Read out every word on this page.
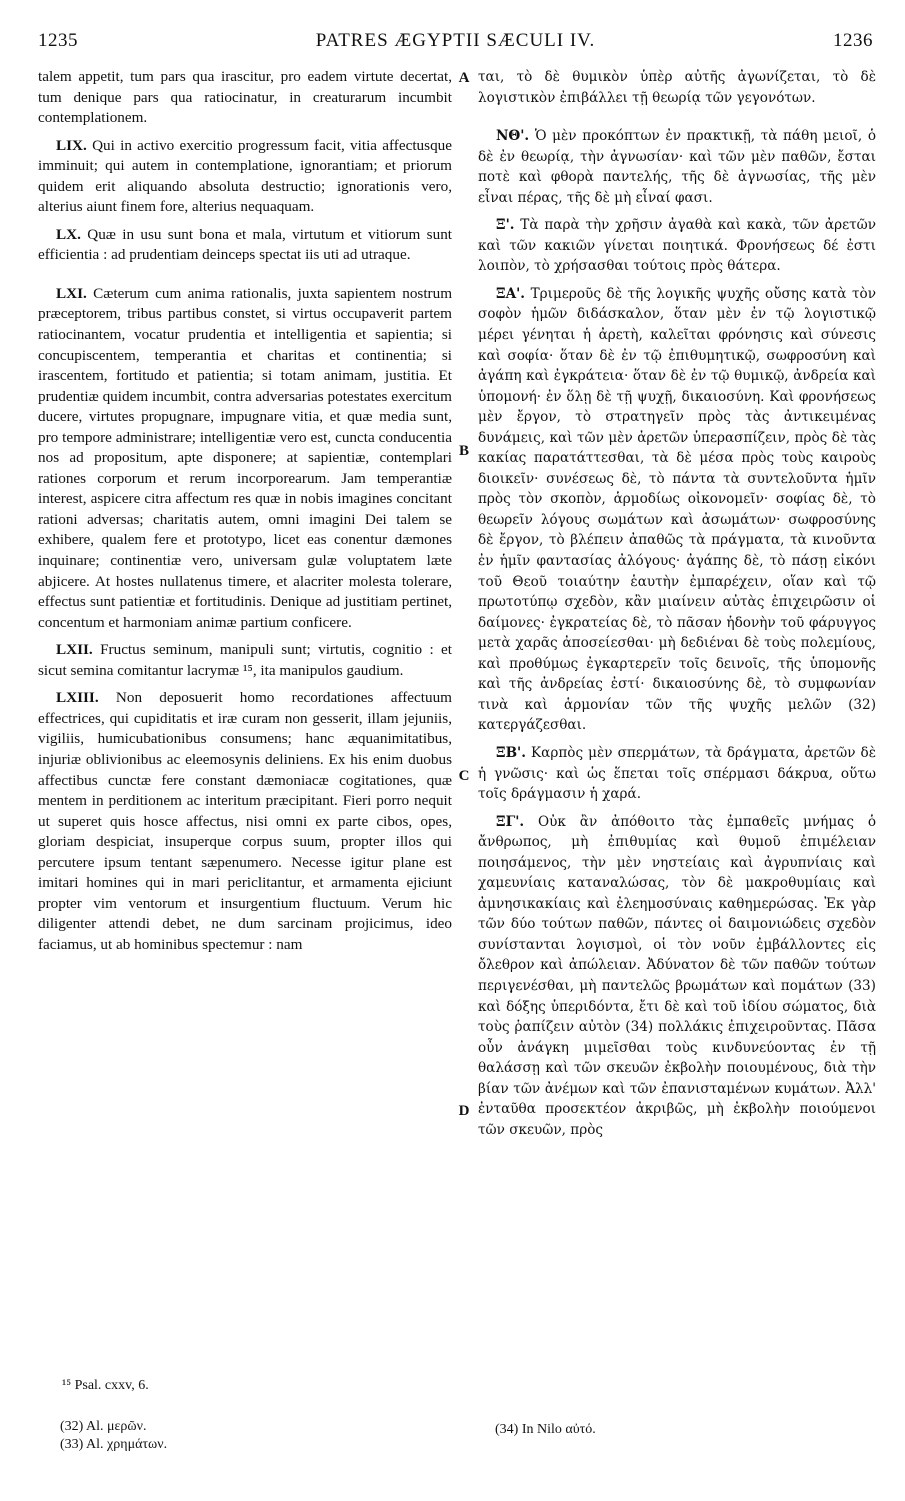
1235	PATRES ÆGYPTII SÆCULI IV.	1236

talem appetit, tum pars qua irascitur, pro eadem virtute decertat, tum denique pars qua ratiocinatur, in creaturarum incumbit contemplationem.

LIX. Qui in activo exercitio progressum facit, vitia affectusque imminuit; qui autem in contemplatione, ignorantiam; et priorum quidem erit aliquando absoluta destructio; ignorationis vero, alterius aiunt finem fore, alterius nequaquam.

LX. Quæ in usu sunt bona et mala, virtutum et vitiorum sunt efficientia : ad prudentiam deinceps spectat iis uti ad utraque.

LXI. Cæterum cum anima rationalis, juxta sapientem nostrum præceptorem, tribus partibus constet, si virtus occupaverit partem ratiocinantem, vocatur prudentia et intelligentia et sapientia; si concupiscentem, temperantia et charitas et continentia; si irascentem, fortitudo et patientia; si totam animam, justitia. Et prudentiæ quidem incumbit, contra adversarias potestates exercitum ducere, virtutes propugnare, impugnare vitia, et quæ media sunt, pro tempore administrare; intelligentiæ vero est, cuncta conducentia nos ad propositum, apte disponere; at sapientiæ, contemplari rationes corporum et rerum incorporearum. Jam temperantiæ interest, aspicere citra affectum res quæ in nobis imagines concitant rationi adversas; charitatis autem, omni imagini Dei talem se exhibere, qualem fere et prototypo, licet eas conentur dæmones inquinare; continentiæ vero, universam gulæ voluptatem læte abjicere. At hostes nullatenus timere, et alacriter molesta tolerare, effectus sunt patientiæ et fortitudinis. Denique ad justitiam pertinet, concentum et harmoniam animæ partium conficere.

LXII. Fructus seminum, manipuli sunt; virtutis, cognitio : et sicut semina comitantur lacrymæ ¹⁵, ita manipulos gaudium.

LXIII. Non deposuerit homo recordationes affectuum effectrices, qui cupiditatis et iræ curam non gesserit, illam jejuniis, vigiliis, humicubationibus consumens; hanc æquanimitatibus, injuriæ oblivionibus ac eleemosynis deliniens. Ex his enim duobus affectibus cunctæ fere constant dæmoniacæ cogitationes, quæ mentem in perditionem ac interitum præcipitant. Fieri porro nequit ut superet quis hosce affectus, nisi omni ex parte cibos, opes, gloriam despiciat, insuperque corpus suum, propter illos qui percutere ipsum tentant sæpenumero. Necesse igitur plane est imitari homines qui in mari periclitantur, et armamenta ejiciunt propter vim ventorum et insurgentium fluctuum. Verum hic diligenter attendi debet, ne dum sarcinam projicimus, ideo faciamus, ut ab hominibus spectemur : nam

A
B
C
D

ται, τὸ δὲ θυμικὸν ὑπὲρ αὐτῆς ἀγωνίζεται, τὸ δὲ λογιστικὸν ἐπιβάλλει τῇ θεωρίᾳ τῶν γεγονότων.

ΝΘ'. Ὁ μὲν προκόπτων ἐν πρακτικῇ, τὰ πάθη μειοῖ, ὁ δὲ ἐν θεωρίᾳ, τὴν ἀγνωσίαν· καὶ τῶν μὲν παθῶν, ἔσται ποτὲ καὶ φθορὰ παντελής, τῆς δὲ ἀγνωσίας, τῆς μὲν εἶναι πέρας, τῆς δὲ μὴ εἶναί φασι.

Ξ'. Τὰ παρὰ τὴν χρῆσιν ἀγαθὰ καὶ κακὰ, τῶν ἀρετῶν καὶ τῶν κακιῶν γίνεται ποιητικά. Φρονήσεως δέ ἐστι λοιπὸν, τὸ χρήσασθαι τούτοις πρὸς θάτερα.

ΞΑ'. Τριμεροῦς δὲ τῆς λογικῆς ψυχῆς οὔσης κατὰ τὸν σοφὸν ἡμῶν διδάσκαλον, ὅταν μὲν ἐν τῷ λογιστικῷ μέρει γένηται ἡ ἀρετὴ, καλεῖται φρόνησις καὶ σύνεσις καὶ σοφία· ὅταν δὲ ἐν τῷ ἐπιθυμητικῷ, σωφροσύνη καὶ ἀγάπη καὶ ἐγκράτεια· ὅταν δὲ ἐν τῷ θυμικῷ, ἀνδρεία καὶ ὑπομονή· ἐν ὅλῃ δὲ τῇ ψυχῇ, δικαιοσύνη. Καὶ φρονήσεως μὲν ἔργον, τὸ στρατηγεῖν πρὸς τὰς ἀντικειμένας δυνάμεις, καὶ τῶν μὲν ἀρετῶν ὑπερασπίζειν, πρὸς δὲ τὰς κακίας παρατάττεσθαι, τὰ δὲ μέσα πρὸς τοὺς καιροὺς διοικεῖν· συνέσεως δὲ, τὸ πάντα τὰ συντελοῦντα ἡμῖν πρὸς τὸν σκοπὸν, ἁρμοδίως οἰκονομεῖν· σοφίας δὲ, τὸ θεωρεῖν λόγους σωμάτων καὶ ἀσωμάτων· σωφροσύνης δὲ ἔργον, τὸ βλέπειν ἀπαθῶς τὰ πράγματα, τὰ κινοῦντα ἐν ἡμῖν φαντασίας ἀλόγους· ἀγάπης δὲ, τὸ πάσῃ εἰκόνι τοῦ Θεοῦ τοιαύτην ἑαυτὴν ἐμπαρέχειν, οἵαν καὶ τῷ πρωτοτύπῳ σχεδὸν, κἂν μιαίνειν αὐτὰς ἐπιχειρῶσιν οἱ δαίμονες· ἐγκρατείας δὲ, τὸ πᾶσαν ἡδονὴν τοῦ φάρυγγος μετὰ χαρᾶς ἀποσείεσθαι· μὴ δεδιέναι δὲ τοὺς πολεμίους, καὶ προθύμως ἐγκαρτερεῖν τοῖς δεινοῖς, τῆς ὑπομονῆς καὶ τῆς ἀνδρείας ἐστί· δικαιοσύνης δὲ, τὸ συμφωνίαν τινὰ καὶ ἁρμονίαν τῶν τῆς ψυχῆς μελῶν (32) κατεργάζεσθαι.

ΞΒ'. Καρπὸς μὲν σπερμάτων, τὰ δράγματα, ἀρετῶν δὲ ἡ γνῶσις· καὶ ὡς ἕπεται τοῖς σπέρμασι δάκρυα, οὕτω τοῖς δράγμασιν ἡ χαρά.

ΞΓ'. Οὐκ ἂν ἀπόθοιτο τὰς ἐμπαθεῖς μνήμας ὁ ἄνθρωπος, μὴ ἐπιθυμίας καὶ θυμοῦ ἐπιμέλειαν ποιησάμενος, τὴν μὲν νηστείαις καὶ ἀγρυπνίαις καὶ χαμευνίαις καταναλώσας, τὸν δὲ μακροθυμίαις καὶ ἀμνησικακίαις καὶ ἐλεημοσύναις καθημερώσας. Ἐκ γὰρ τῶν δύο τούτων παθῶν, πάντες οἱ δαιμονιώδεις σχεδὸν συνίστανται λογισμοὶ, οἱ τὸν νοῦν ἐμβάλλοντες εἰς ὄλεθρον καὶ ἀπώλειαν. Ἀδύνατον δὲ τῶν παθῶν τούτων περιγενέσθαι, μὴ παντελῶς βρωμάτων καὶ πομάτων (33) καὶ δόξης ὑπεριδόντα, ἔτι δὲ καὶ τοῦ ἰδίου σώματος, διὰ τοὺς ῥαπίζειν αὐτὸν (34) πολλάκις ἐπιχειροῦντας. Πᾶσα οὖν ἀνάγκη μιμεῖσθαι τοὺς κινδυνεύοντας ἐν τῇ θαλάσσῃ καὶ τῶν σκευῶν ἐκβολὴν ποιουμένους, διὰ τὴν βίαν τῶν ἀνέμων καὶ τῶν ἐπανισταμένων κυμάτων. Ἀλλ' ἐνταῦθα προσεκτέον ἀκριβῶς, μὴ ἐκβολὴν ποιούμενοι τῶν σκευῶν, πρὸς

¹⁵ Psal. cxxv, 6.
(32) Al. μερῶν.
(33) Al. χρημάτων.
(34) In Nilo αὐτό.
